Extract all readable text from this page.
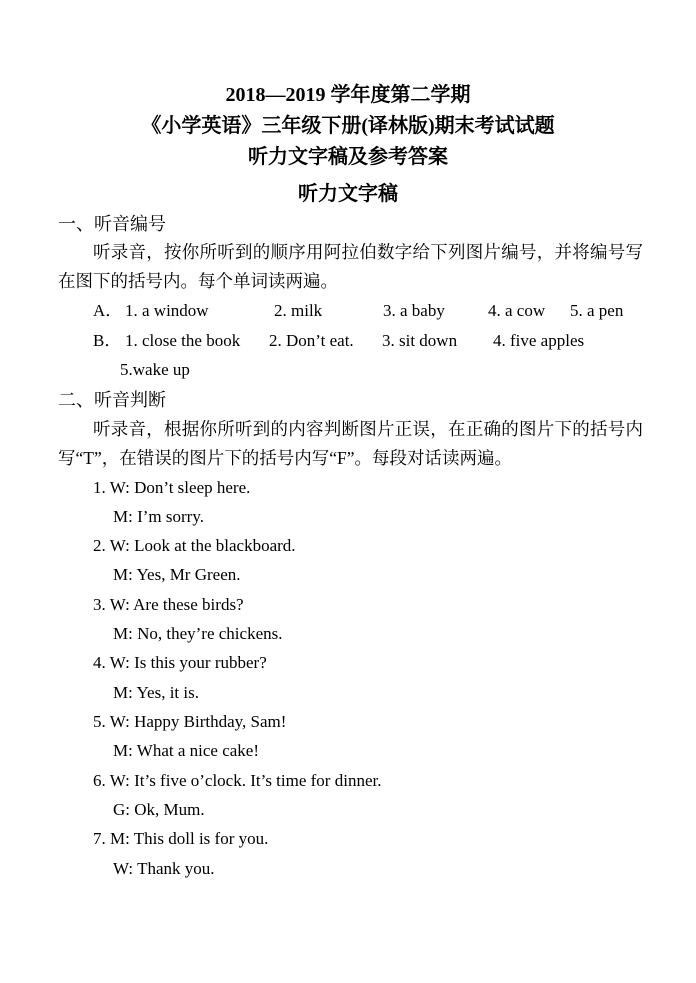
2018—2019 学年度第二学期
《小学英语》三年级下册(译林版)期末考试试题
听力文字稿及参考答案
听力文字稿
一、听音编号
听录音，按你所听到的顺序用阿拉伯数字给下列图片编号，并将编号写在图下的括号内。每个单词读两遍。
A． 1. a window	2. milk	3. a baby	4. a cow 5. a pen
B． 1. close the book 2. Don’t eat. 3. sit down 4. five apples
5.wake up
二、听音判断
听录音，根据你所听到的内容判断图片正误，在正确的图片下的括号内写“T”，在错误的图片下的括号内写“F”。每段对话读两遍。
1. W: Don’t sleep here.
M: I’m sorry.
2. W: Look at the blackboard.
M: Yes, Mr Green.
3. W: Are these birds?
M: No, they’re chickens.
4. W: Is this your rubber?
M: Yes, it is.
5. W: Happy Birthday, Sam!
M: What a nice cake!
6. W: It’s five o’clock. It’s time for dinner.
G: Ok, Mum.
7. M: This doll is for you.
W: Thank you.
